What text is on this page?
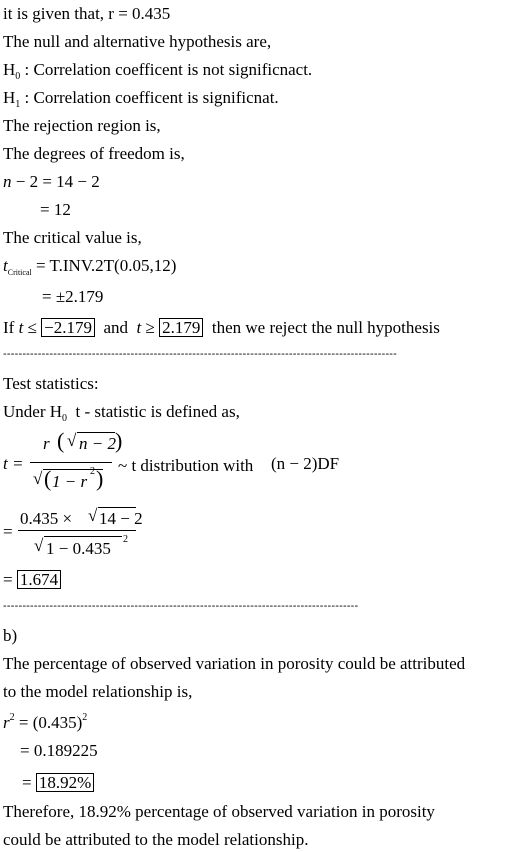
it is given that, r = 0.435
The null and alternative hypothesis are,
$H_0$ : Correlation coefficent is not significnact.
$H_1$ : Correlation coefficent is significnat.
The rejection region is,
The degrees of freedom is,
n − 2 = 14 − 2
= 12
The critical value is,
$t_{Critical} = T.INV.2T(0.05,12)$
= ±2.179
If t ≤ −2.179  and  t ≥ 2.179  then we reject the null hypothesis
------------------------------------------------------------------------------------------------------
Test statistics:
Under $H_0$  t - statistic is defined as,
t =
r ( √ n − 2 )
√ ( 1 − r
2 )
~ t distribution with (n − 2)DF
=
0.435 × √ 14 − 2
√ 1 − 0.435 2
= 1.674
--------------------------------------------------------------------------------------------
b)
The percentage of observed variation in porosity could be attributed
to the model relationship is,
$r^2 = (0.435)^2$
= 0.189225
= 18.92%
Therefore, 18.92% percentage of observed variation in porosity
could be attributed to the model relationship.
